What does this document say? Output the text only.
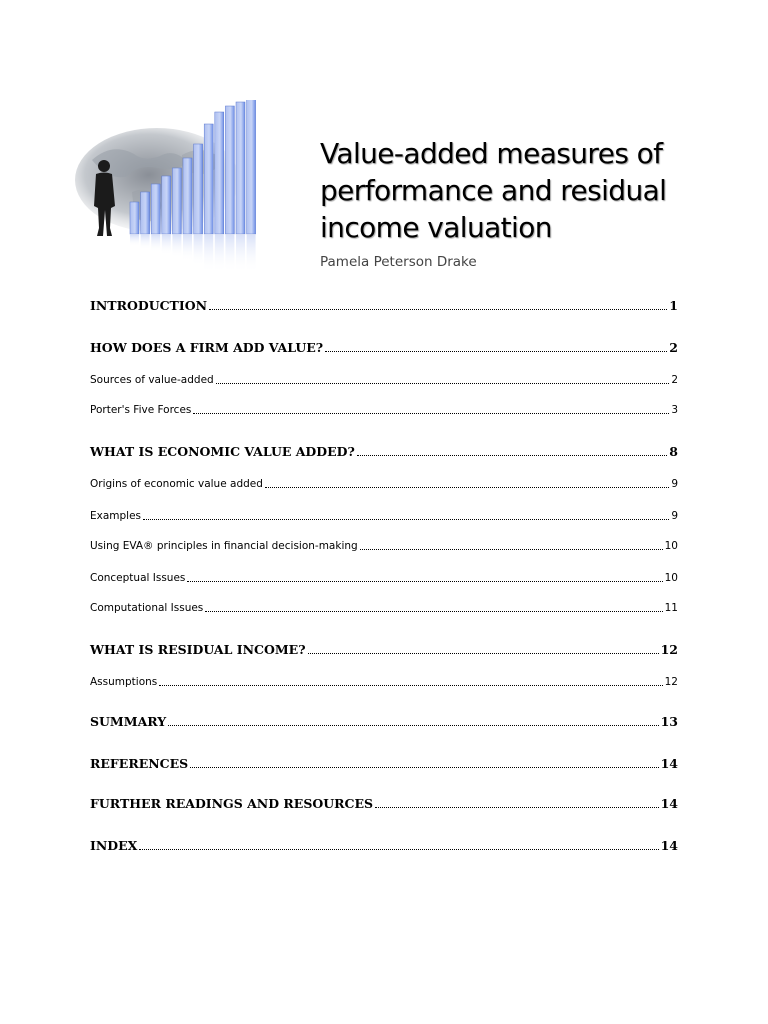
Value-added measures of
performance and residual
income valuation
Pamela Peterson Drake
INTRODUCTION	1
HOW DOES A FIRM ADD VALUE?	2
Sources of value-added	2
Porter's Five Forces	3
WHAT IS ECONOMIC VALUE ADDED?	8
Origins of economic value added	9
Examples	9
Using EVA® principles in financial decision-making	10
Conceptual Issues	10
Computational Issues	11
WHAT IS RESIDUAL INCOME?	12
Assumptions	12
SUMMARY	13
REFERENCES	14
FURTHER READINGS AND RESOURCES	14
INDEX	14
